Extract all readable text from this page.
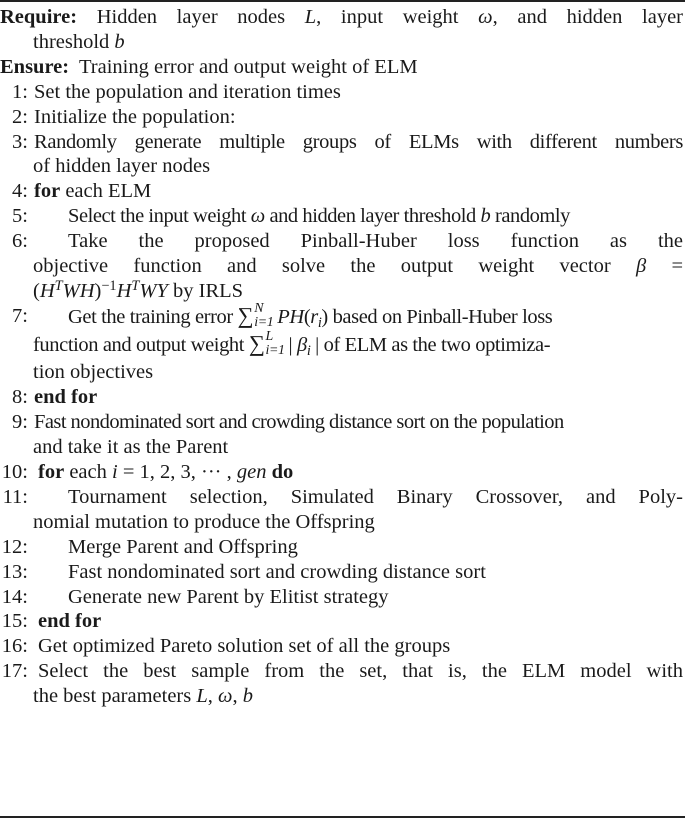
Require: Hidden layer nodes L, input weight ω, and hidden layer
threshold b
Ensure: Training error and output weight of ELM
1: Set the population and iteration times
2: Initialize the population:
3: Randomly generate multiple groups of ELMs with different numbers
of hidden layer nodes
4: for each ELM
5:	Select the input weight ω and hidden layer threshold b randomly
6:	Take the proposed Pinball-Huber loss function as the
objective function and solve the output weight vector β =
$(H^TWH)^{-1}H^TWY$ by IRLS
7:	Get the training error ∑ N
i=1 $PH(r_i)$ based on Pinball-Huber loss
function and output weight ∑ L
i=1 | $\beta_i$ | of ELM as the two optimiza-
tion objectives
8: end for
9: Fast nondominated sort and crowding distance sort on the population
and take it as the Parent
10: for each i = 1, 2, 3, ··· , gen do
11:	Tournament selection, Simulated Binary Crossover, and Poly-
nomial mutation to produce the Offspring
12:	Merge Parent and Offspring
13:	Fast nondominated sort and crowding distance sort
14:	Generate new Parent by Elitist strategy
15: end for
16: Get optimized Pareto solution set of all the groups
17: Select the best sample from the set, that is, the ELM model with
the best parameters L, ω, b
